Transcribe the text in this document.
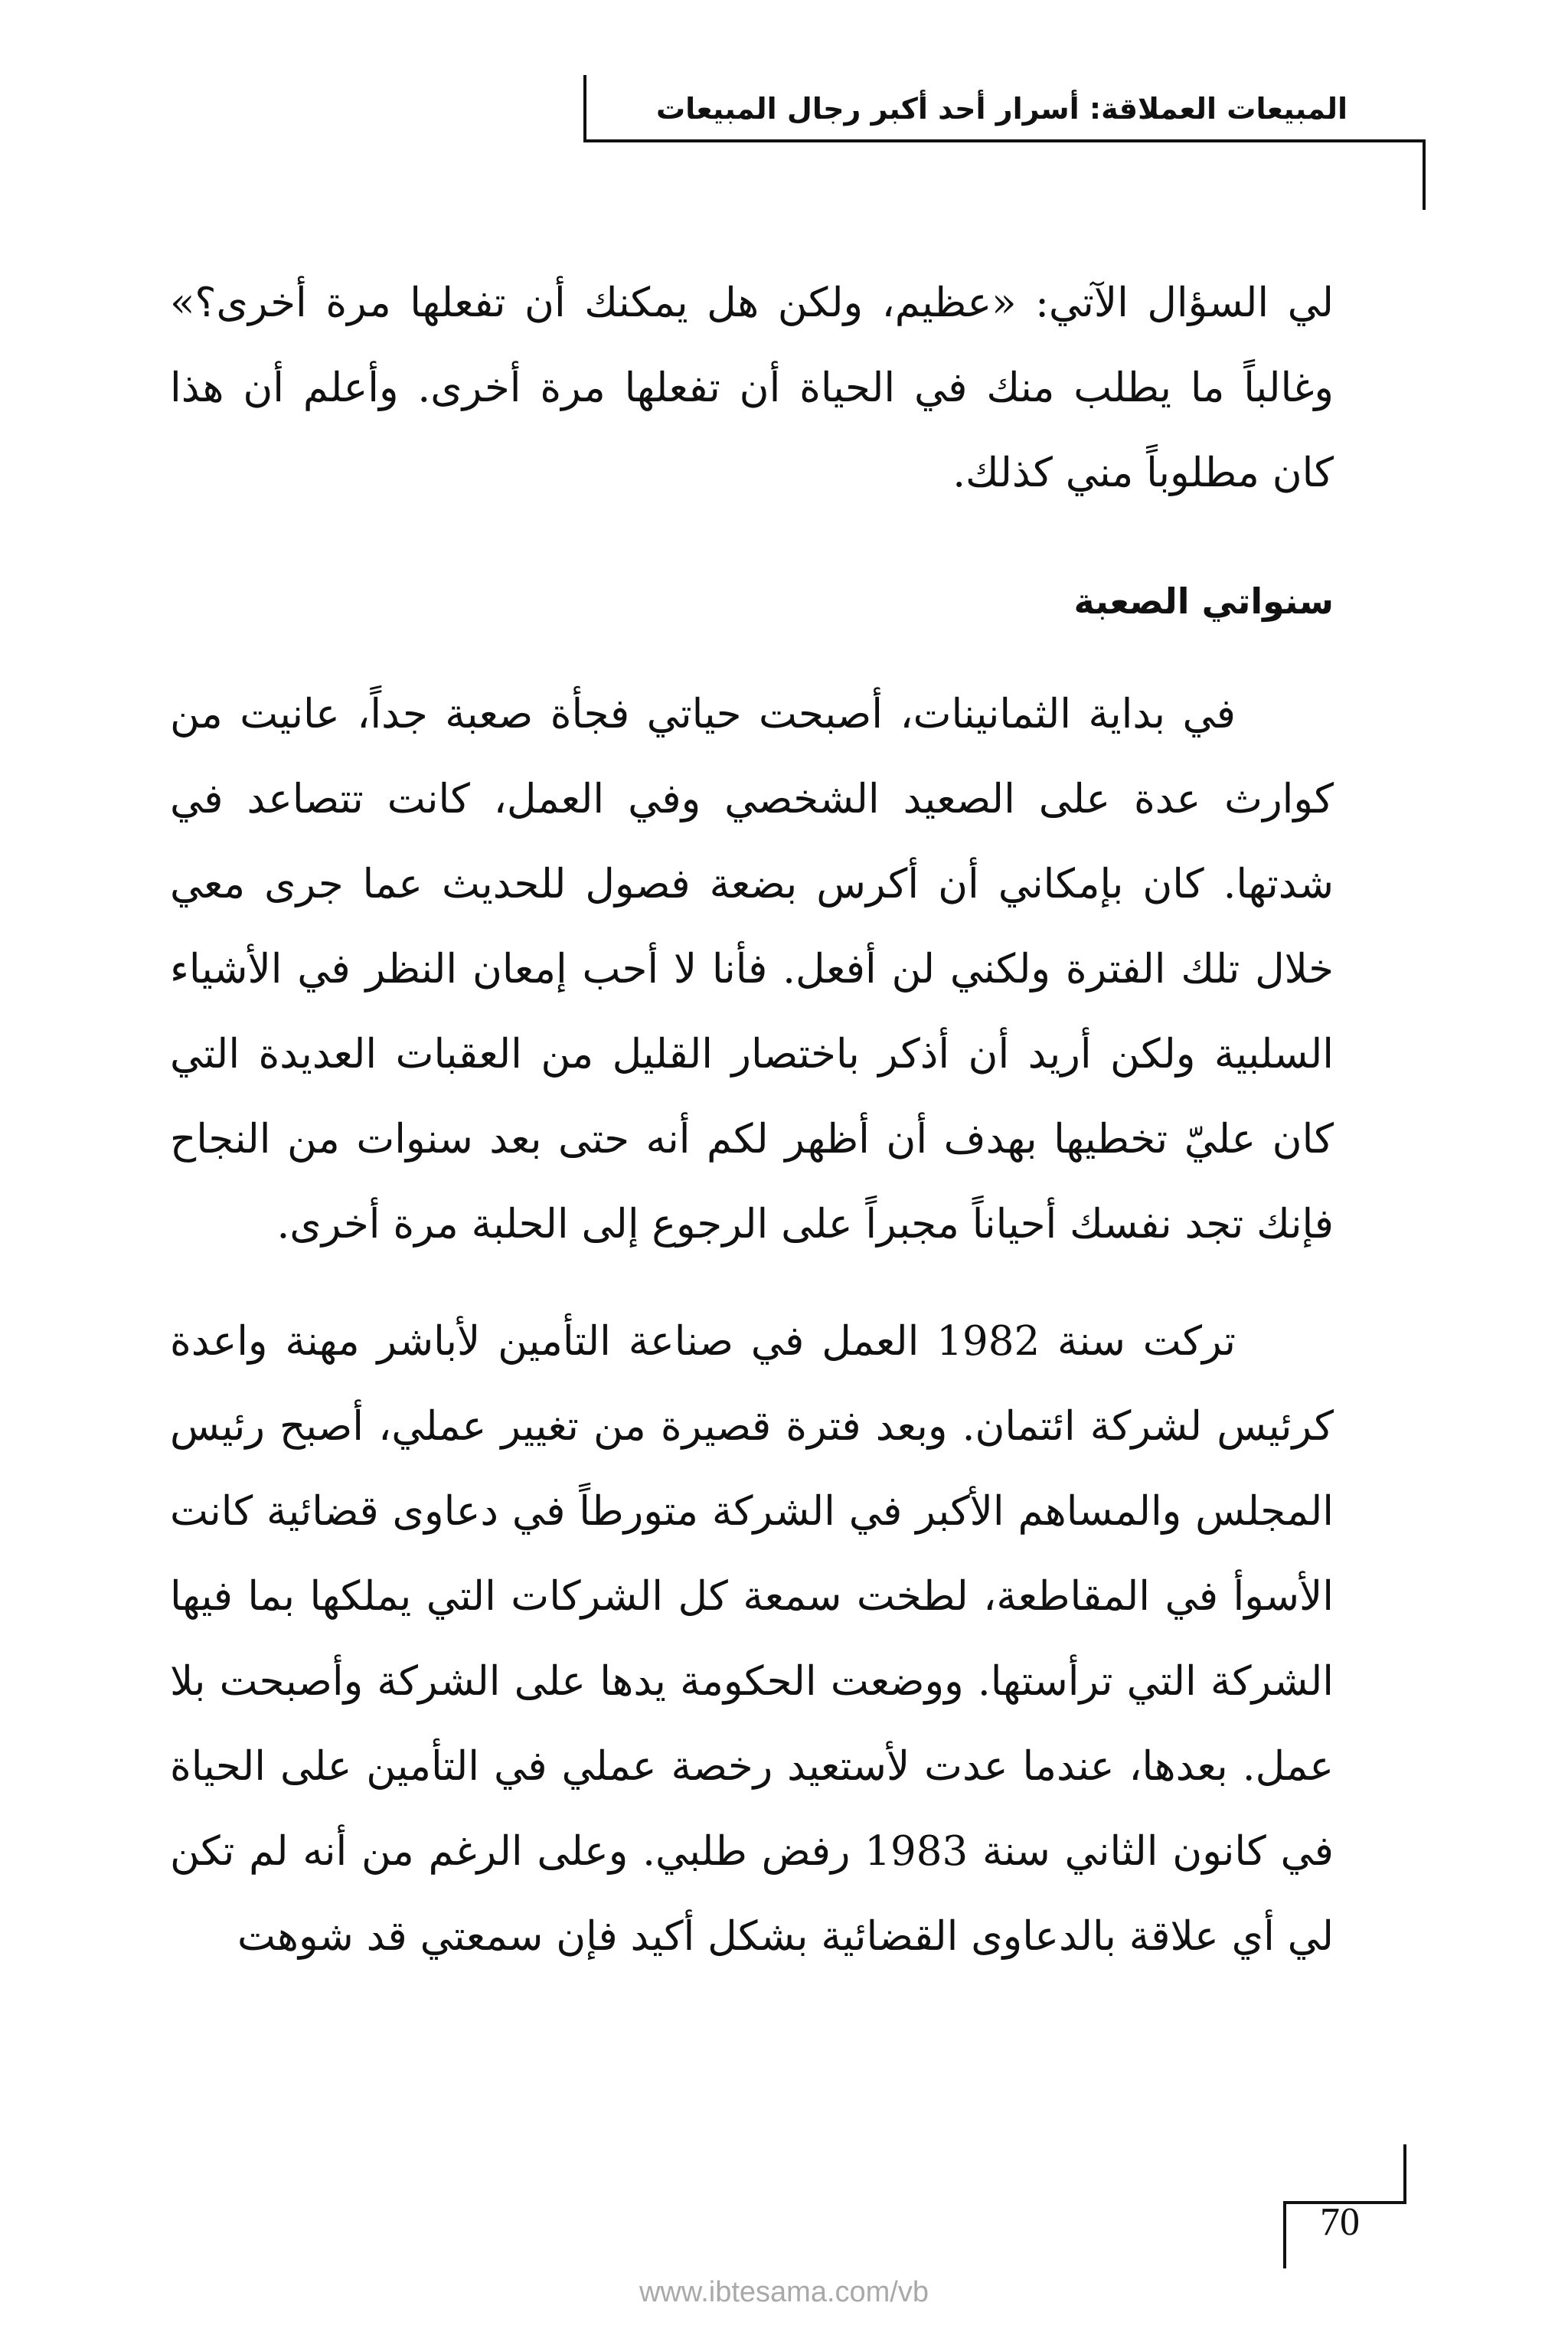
المبيعات العملاقة: أسرار أحد أكبر رجال المبيعات

لي السؤال الآتي: «عظيم، ولكن هل يمكنك أن تفعلها مرة أخرى؟» وغالباً ما يطلب منك في الحياة أن تفعلها مرة أخرى. وأعلم أن هذا كان مطلوباً مني كذلك.

سنواتي الصعبة

في بداية الثمانينات، أصبحت حياتي فجأة صعبة جداً، عانيت من كوارث عدة على الصعيد الشخصي وفي العمل، كانت تتصاعد في شدتها. كان بإمكاني أن أكرس بضعة فصول للحديث عما جرى معي خلال تلك الفترة ولكني لن أفعل. فأنا لا أحب إمعان النظر في الأشياء السلبية ولكن أريد أن أذكر باختصار القليل من العقبات العديدة التي كان عليّ تخطيها بهدف أن أظهر لكم أنه حتى بعد سنوات من النجاح فإنك تجد نفسك أحياناً مجبراً على الرجوع إلى الحلبة مرة أخرى.

تركت سنة 1982 العمل في صناعة التأمين لأباشر مهنة واعدة كرئيس لشركة ائتمان. وبعد فترة قصيرة من تغيير عملي، أصبح رئيس المجلس والمساهم الأكبر في الشركة متورطاً في دعاوى قضائية كانت الأسوأ في المقاطعة، لطخت سمعة كل الشركات التي يملكها بما فيها الشركة التي ترأستها. ووضعت الحكومة يدها على الشركة وأصبحت بلا عمل. بعدها، عندما عدت لأستعيد رخصة عملي في التأمين على الحياة في كانون الثاني سنة 1983 رفض طلبي. وعلى الرغم من أنه لم تكن لي أي علاقة بالدعاوى القضائية بشكل أكيد فإن سمعتي قد شوهت

70
www.ibtesama.com/vb
